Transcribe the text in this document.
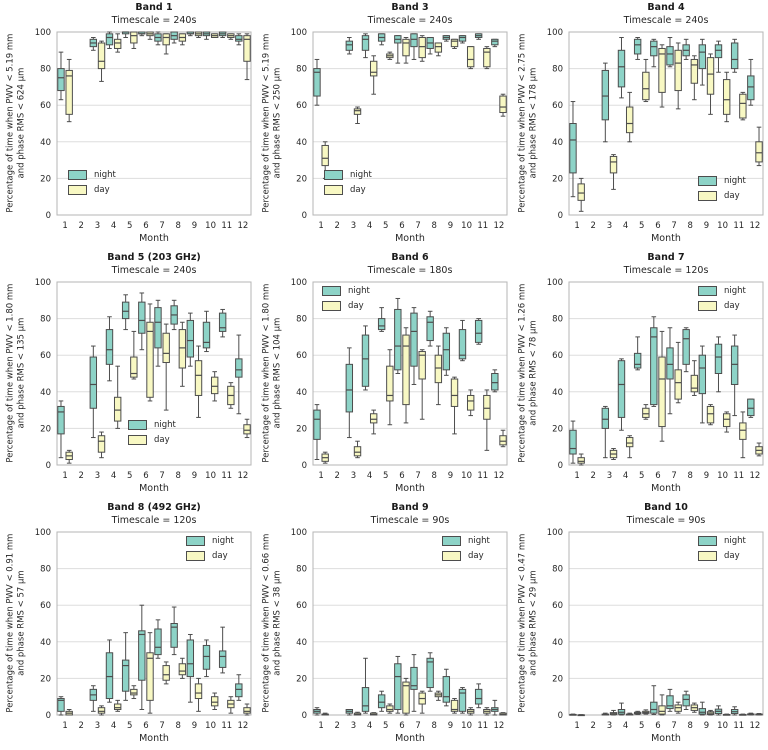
0
20
40
60
80
100
1 2 3 4 5 6 7 8 9 10 11 12
Band 1
Timescale = 240s
Percentage of time when PWV < 5.19 mm and phase RMS < 624 μm
Month
night
day
0
20
40
60
80
100
1 2 3 4 5 6 7 8 9 10 11 12
Band 3
Timescale = 240s
Percentage of time when PWV < 5.19 mm and phase RMS < 250 μm
Month
night
day
0
20
40
60
80
100
1 2 3 4 5 6 7 8 9 10 11 12
Band 4
Timescale = 240s
Percentage of time when PWV < 2.75 mm and phase RMS < 178 μm
Month
night
day
0
20
40
60
80
100
1 2 3 4 5 6 7 8 9 10 11 12
Band 5 (203 GHz)
Timescale = 240s
Percentage of time when PWV < 1.80 mm and phase RMS < 135 μm
Month
night
day
0
20
40
60
80
100
1 2 3 4 5 6 7 8 9 10 11 12
Band 6
Timescale = 180s
Percentage of time when PWV < 1.80 mm and phase RMS < 104 μm
Month
night
day
0
20
40
60
80
100
1 2 3 4 5 6 7 8 9 10 11 12
Band 7
Timescale = 120s
Percentage of time when PWV < 1.26 mm and phase RMS < 78 μm
Month
night
day
0
20
40
60
80
100
1 2 3 4 5 6 7 8 9 10 11 12
Band 8 (492 GHz)
Timescale = 120s
Percentage of time when PWV < 0.91 mm and phase RMS < 57 μm
Month
night
day
0
20
40
60
80
100
1 2 3 4 5 6 7 8 9 10 11 12
Band 9
Timescale = 90s
Percentage of time when PWV < 0.66 mm and phase RMS < 38 μm
Month
night
day
0
20
40
60
80
100
1 2 3 4 5 6 7 8 9 10 11 12
Band 10
Timescale = 90s
Percentage of time when PWV < 0.47 mm and phase RMS < 29 μm
Month
night
day
